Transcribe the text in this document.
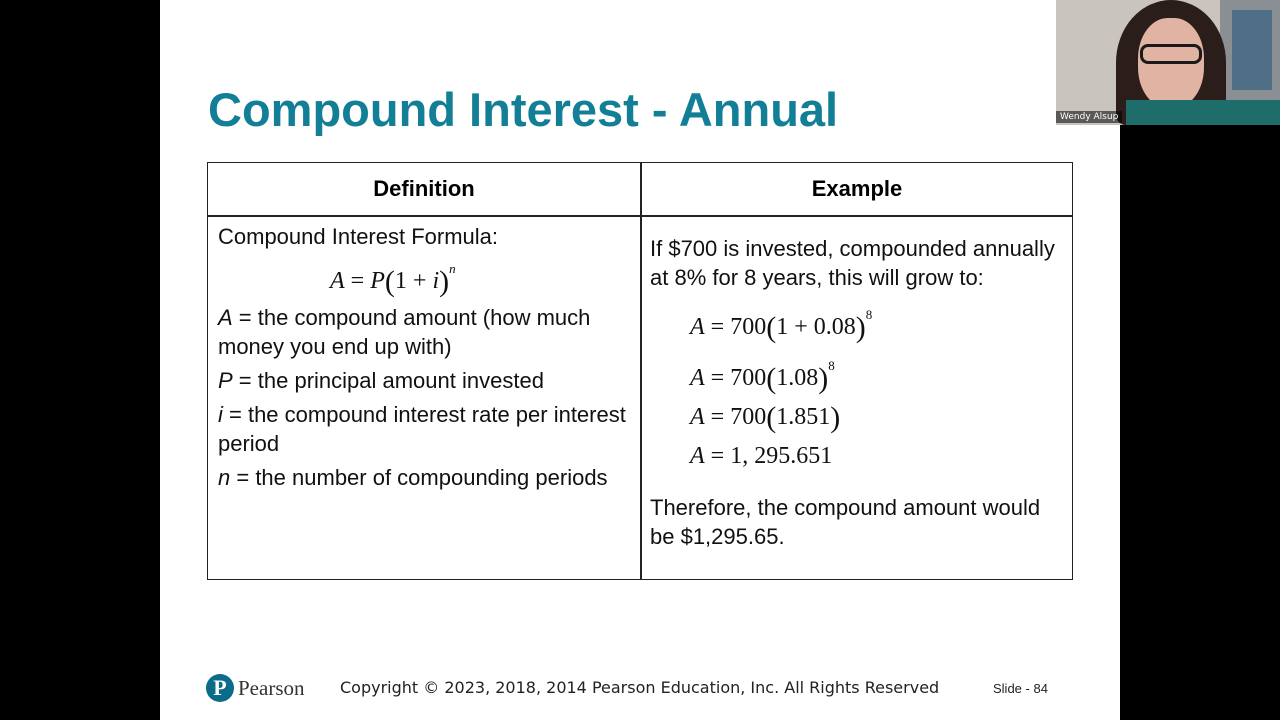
Compound Interest - Annual
Definition	Example

Compound Interest Formula:

$A = P(1 + i)^n$

A = the compound amount (how much money you end up with)

P = the principal amount invested

i = the compound interest rate per interest period

n = the number of compounding periods

If $700 is invested, compounded annually at 8% for 8 years, this will grow to:

$A = 700(1 + 0.08)^8$
$A = 700(1.08)^8$
A = 700(1.851)
A = 1, 295.651

Therefore, the compound amount would be $1,295.65.

P Pearson Copyright © 2023, 2018, 2014 Pearson Education, Inc. All Rights Reserved	Slide - 84
Wendy Alsup
